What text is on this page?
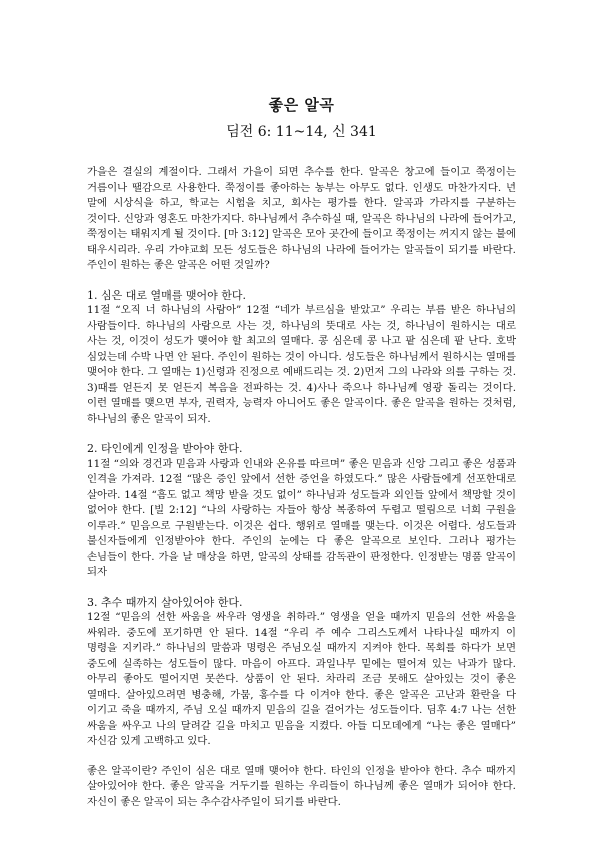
좋은 알곡
딤전 6: 11~14, 신 341

가을은 결실의 계절이다. 그래서 가을이 되면 추수를 한다. 알곡은 창고에 들이고 쭉정이는 거름이나 땔감으로 사용한다. 쭉정이를 좋아하는 농부는 아무도 없다. 인생도 마찬가지다. 년 말에 시상식을 하고, 학교는 시험을 치고, 회사는 평가를 한다. 알곡과 가라지를 구분하는 것이다. 신앙과 영혼도 마찬가지다. 하나님께서 추수하실 때, 알곡은 하나님의 나라에 들어가고, 쭉정이는 태워지게 될 것이다. [마 3:12] 알곡은 모아 곳간에 들이고 쭉정이는 꺼지지 않는 불에 태우시리라. 우리 가야교회 모든 성도들은 하나님의 나라에 들어가는 알곡들이 되기를 바란다. 주인이 원하는 좋은 알곡은 어떤 것일까?

1. 심은 대로 열매를 맺어야 한다.

11절 “오직 너 하나님의 사람아” 12절 “네가 부르심을 받았고” 우리는 부름 받은 하나님의 사람들이다. 하나님의 사람으로 사는 것, 하나님의 뜻대로 사는 것, 하나님이 원하시는 대로 사는 것, 이것이 성도가 맺어야 할 최고의 열매다. 콩 심은데 콩 나고 팥 심은데 팥 난다. 호박 심었는데 수박 나면 안 된다. 주인이 원하는 것이 아니다. 성도들은 하나님께서 원하시는 열매를 맺어야 한다. 그 열매는 1)신령과 진정으로 예배드리는 것. 2)먼저 그의 나라와 의를 구하는 것. 3)때를 얻든지 못 얻든지 복음을 전파하는 것. 4)사나 죽으나 하나님께 영광 돌리는 것이다. 이런 열매를 맺으면 부자, 권력자, 능력자 아니어도 좋은 알곡이다. 좋은 알곡을 원하는 것처럼, 하나님의 좋은 알곡이 되자.

2. 타인에게 인정을 받아야 한다.

11절 “의와 경건과 믿음과 사랑과 인내와 온유를 따르며” 좋은 믿음과 신앙 그리고 좋은 성품과 인격을 가져라. 12절 “많은 증인 앞에서 선한 증언을 하였도다.” 많은 사람들에게 선포한대로 살아라. 14절 “흠도 없고 책망 받을 것도 없이” 하나님과 성도들과 외인들 앞에서 책망할 것이 없어야 한다. [빌 2:12] “나의 사랑하는 자들아 항상 복종하여 두렵고 떨림으로 너희 구원을 이루라.” 믿음으로 구원받는다. 이것은 쉽다. 행위로 열매를 맺는다. 이것은 어렵다. 성도들과 불신자들에게 인정받아야 한다. 주인의 눈에는 다 좋은 알곡으로 보인다. 그러나 평가는 손님들이 한다. 가을 날 매상을 하면, 알곡의 상태를 감독관이 판정한다. 인정받는 명품 알곡이 되자

3. 추수 때까지 살아있어야 한다.

12절 “믿음의 선한 싸움을 싸우라 영생을 취하라.” 영생을 얻을 때까지 믿음의 선한 싸움을 싸워라. 중도에 포기하면 안 된다. 14절 “우리 주 예수 그리스도께서 나타나실 때까지 이 명령을 지키라.” 하나님의 말씀과 명령은 주님오실 때까지 지켜야 한다. 목회를 하다가 보면 중도에 실족하는 성도들이 많다. 마음이 아프다. 과일나무 밑에는 떨어져 있는 낙과가 많다. 아무리 좋아도 떨어지면 못쓴다. 상품이 안 된다. 차라리 조금 못해도 살아있는 것이 좋은 열매다. 살아있으려면 병충해, 가뭄, 홍수를 다 이겨야 한다. 좋은 알곡은 고난과 환란을 다 이기고 죽을 때까지, 주님 오실 때까지 믿음의 길을 걸어가는 성도들이다. 딤후 4:7 나는 선한 싸움을 싸우고 나의 달려갈 길을 마치고 믿음을 지켰다. 아들 디모데에게 “나는 좋은 열매다” 자신감 있게 고백하고 있다.

좋은 알곡이란? 주인이 심은 대로 열매 맺어야 한다. 타인의 인정을 받아야 한다. 추수 때까지 살아있어야 한다. 좋은 알곡을 거두기를 원하는 우리들이 하나님께 좋은 열매가 되어야 한다. 자신이 좋은 알곡이 되는 추수감사주일이 되기를 바란다.
